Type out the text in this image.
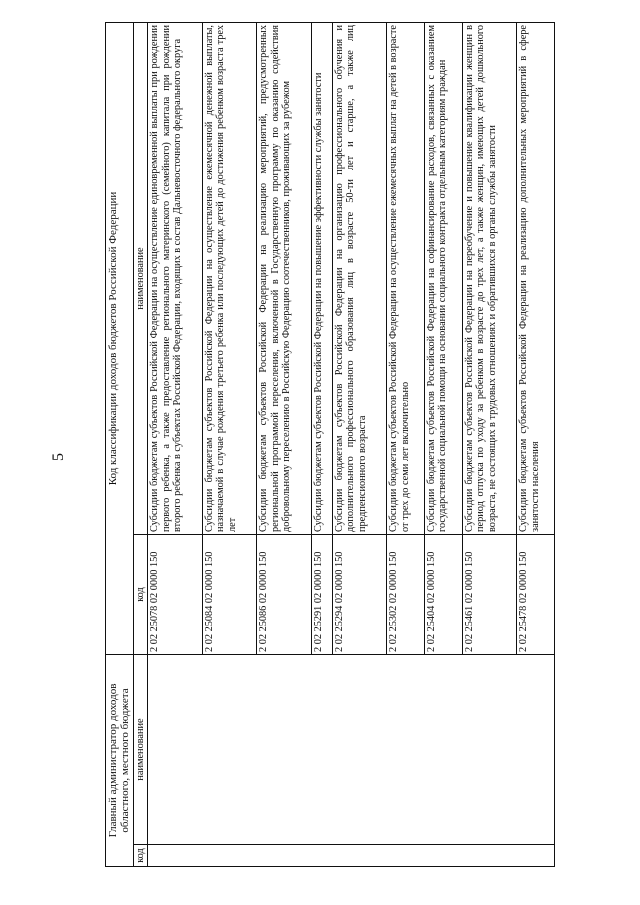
5
Главный администратор доходов областного, местного бюджета		Код классификации доходов бюджетов Российской Федерации	
код	наименование	код	наименование
		2 02 25078 02 0000 150	Субсидии бюджетам субъектов Российской Федерации на осуществление единовременной выплаты при рождении первого ребенка, а также предоставление регионального материнского (семейного) капитала при рождении второго ребенка в субъектах Российской Федерации, входящих в состав Дальневосточного федерального округа
		2 02 25084 02 0000 150	Субсидии бюджетам субъектов Российской Федерации на осуществление ежемесячной денежной выплаты, назначаемой в случае рождения третьего ребенка или последующих детей до достижения ребенком возраста трех лет
		2 02 25086 02 0000 150	Субсидии бюджетам субъектов Российской Федерации на реализацию мероприятий, предусмотренных региональной программой переселения, включенной в Государственную программу по оказанию содействия добровольному переселению в Российскую Федерацию соотечественников, проживающих за рубежом
		2 02 25291 02 0000 150	Субсидии бюджетам субъектов Российской Федерации на повышение эффективности службы занятости
		2 02 25294 02 0000 150	Субсидии бюджетам субъектов Российской Федерации на организацию профессионального обучения и дополнительного профессионального образования лиц в возрасте 50-ти лет и старше, а также лиц предпенсионного возраста
		2 02 25302 02 0000 150	Субсидии бюджетам субъектов Российской Федерации на осуществление ежемесячных выплат на детей в возрасте от трех до семи лет включительно
		2 02 25404 02 0000 150	Субсидии бюджетам субъектов Российской Федерации на софинансирование расходов, связанных с оказанием государственной социальной помощи на основании социального контракта отдельным категориям граждан
		2 02 25461 02 0000 150	Субсидии бюджетам субъектов Российской Федерации на переобучение и повышение квалификации женщин в период отпуска по уходу за ребенком в возрасте до трех лет, а также женщин, имеющих детей дошкольного возраста, не состоящих в трудовых отношениях и обратившихся в органы службы занятости
		2 02 25478 02 0000 150	Субсидии бюджетам субъектов Российской Федерации на реализацию дополнительных мероприятий в сфере занятости населения
